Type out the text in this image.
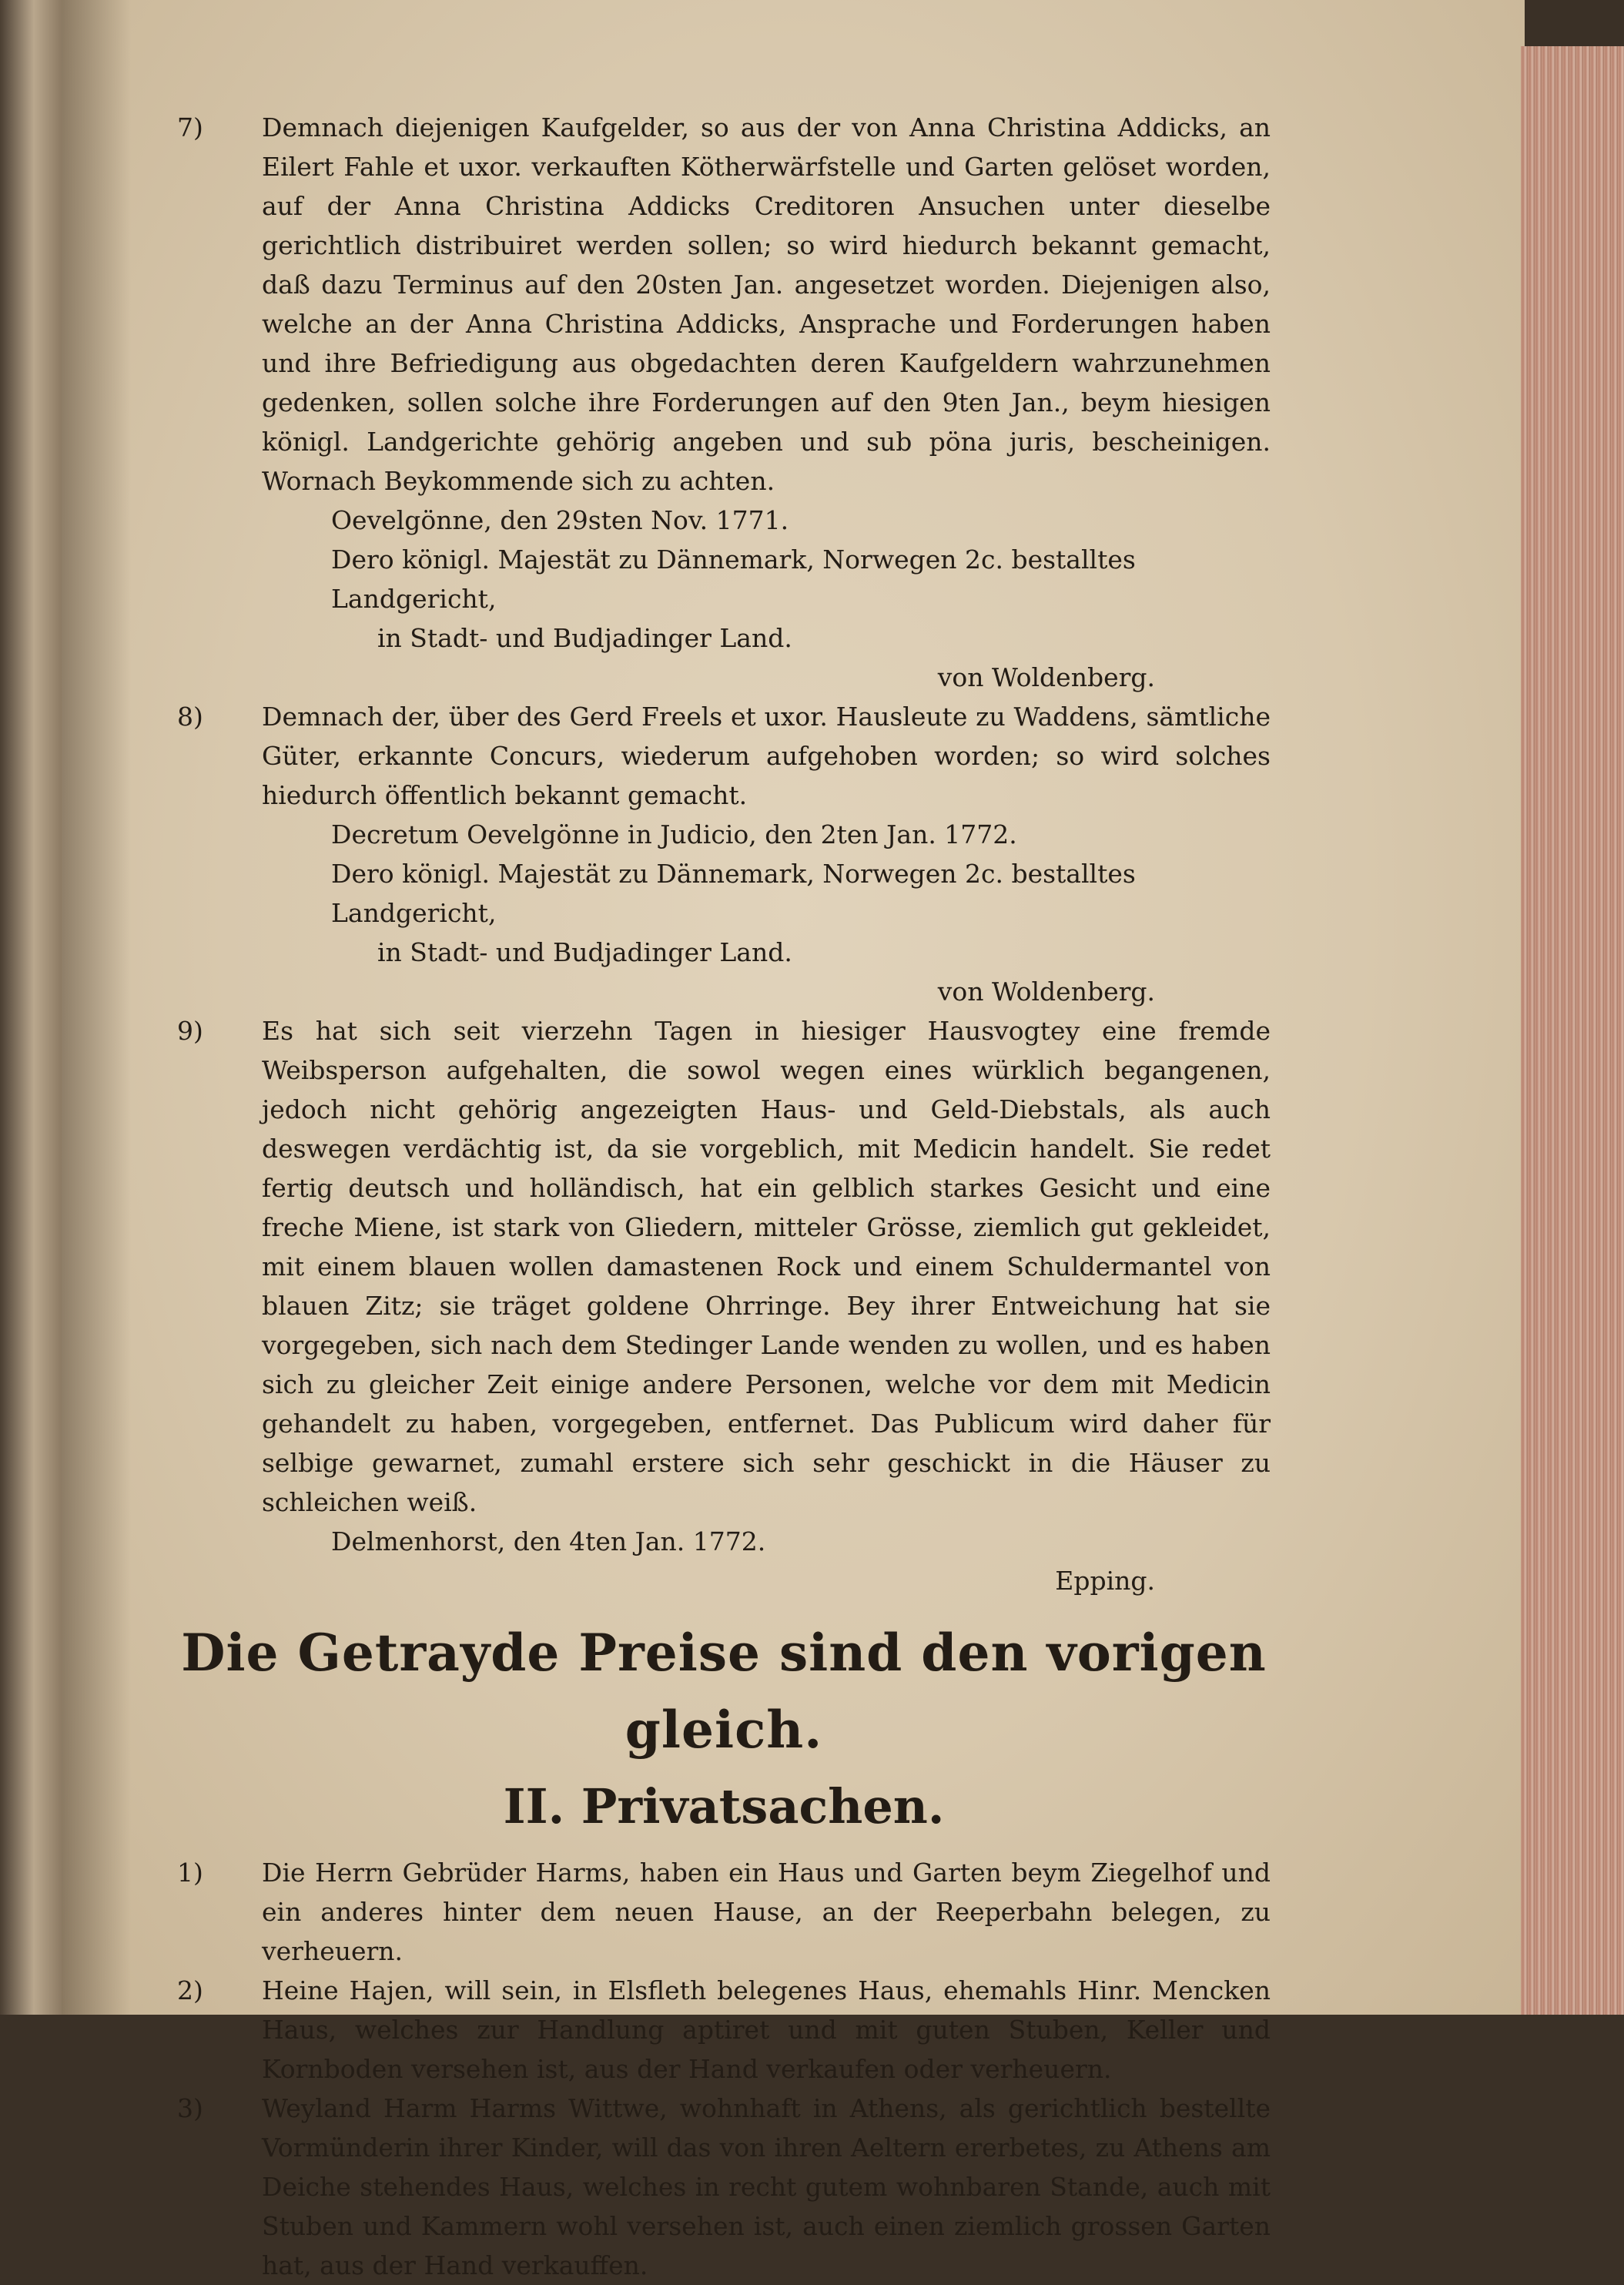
7)	Demnach diejenigen Kaufgelder, so aus der von Anna Christina Addicks, an Eilert Fahle et uxor. verkauften Kötherwärfstelle und Garten gelöset worden, auf der Anna Christina Addicks Creditoren Ansuchen unter dieselbe gerichtlich distribuiret werden sollen; so wird hiedurch bekannt gemacht, daß dazu Terminus auf den 20sten Jan. angesetzet worden. Diejenigen also, welche an der Anna Christina Addicks, Ansprache und Forderungen haben und ihre Befriedigung aus obgedachten deren Kaufgeldern wahrzunehmen gedenken, sollen solche ihre Forderungen auf den 9ten Jan., beym hiesigen königl. Landgerichte gehörig angeben und sub pöna juris, bescheinigen. Wornach Beykommende sich zu achten.

Oevelgönne, den 29sten Nov. 1771.

Dero königl. Majestät zu Dännemark, Norwegen 2c. bestalltes Landgericht,

in Stadt- und Budjadinger Land.

von Woldenberg.

8)	Demnach der, über des Gerd Freels et uxor. Hausleute zu Waddens, sämtliche Güter, erkannte Concurs, wiederum aufgehoben worden; so wird solches hiedurch öffentlich bekannt gemacht.

Decretum Oevelgönne in Judicio, den 2ten Jan. 1772.

Dero königl. Majestät zu Dännemark, Norwegen 2c. bestalltes Landgericht,

in Stadt- und Budjadinger Land.

von Woldenberg.

9)	Es hat sich seit vierzehn Tagen in hiesiger Hausvogtey eine fremde Weibsperson aufgehalten, die sowol wegen eines würklich begangenen, jedoch nicht gehörig angezeigten Haus- und Geld-Diebstals, als auch deswegen verdächtig ist, da sie vorgeblich, mit Medicin handelt. Sie redet fertig deutsch und holländisch, hat ein gelblich starkes Gesicht und eine freche Miene, ist stark von Gliedern, mitteler Grösse, ziemlich gut gekleidet, mit einem blauen wollen damastenen Rock und einem Schuldermantel von blauen Zitz; sie träget goldene Ohrringe. Bey ihrer Entweichung hat sie vorgegeben, sich nach dem Stedinger Lande wenden zu wollen, und es haben sich zu gleicher Zeit einige andere Personen, welche vor dem mit Medicin gehandelt zu haben, vorgegeben, entfernet. Das Publicum wird daher für selbige gewarnet, zumahl erstere sich sehr geschickt in die Häuser zu schleichen weiß.

Delmenhorst, den 4ten Jan. 1772.

Epping.

Die Getrayde Preise sind den vorigen gleich.

II. Privatsachen.

1)	Die Herrn Gebrüder Harms, haben ein Haus und Garten beym Ziegelhof und ein anderes hinter dem neuen Hause, an der Reeperbahn belegen, zu verheuern.

2)	Heine Hajen, will sein, in Elsfleth belegenes Haus, ehemahls Hinr. Mencken Haus, welches zur Handlung aptiret und mit guten Stuben, Keller und Kornboden versehen ist, aus der Hand verkaufen oder verheuern.

3)	Weyland Harm Harms Wittwe, wohnhaft in Athens, als gerichtlich bestellte Vormünderin ihrer Kinder, will das von ihren Aeltern ererbetes, zu Athens am Deiche stehendes Haus, welches in recht gutem wohnbaren Stande, auch mit Stuben und Kammern wohl versehen ist, auch einen ziemlich grossen Garten hat, aus der Hand verkauffen.
